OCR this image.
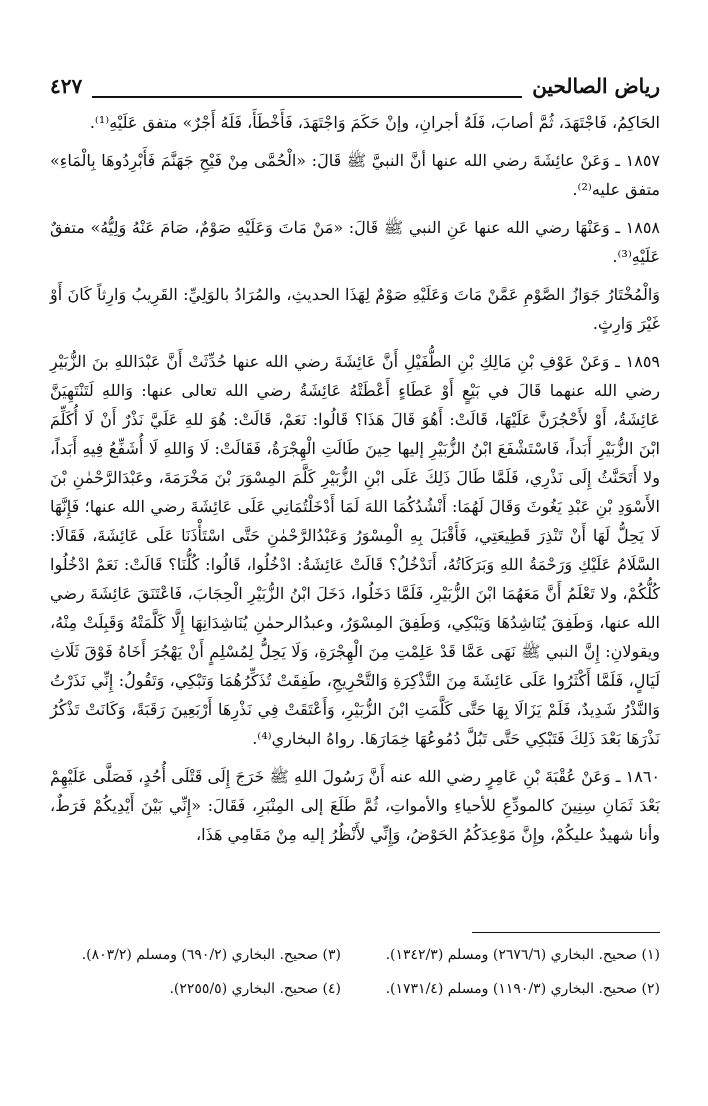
رياض الصالحين
٤٢٧

الحَاكِمُ، فَاجْتَهَدَ، ثُمَّ أصابَ، فَلَهُ أجرانِ، وإنْ حَكَمَ وَاجْتَهَدَ، فَأَخْطَأَ، فَلَهُ أَجْرٌ» متفق عَلَيْهِ⁽¹⁾.

١٨٥٧ ـ وَعَنْ عائِشَةَ رضي الله عنها أنَّ النبيَّ ﷺ قَالَ: «الْحُمَّى مِنْ فَيْحِ جَهَنَّمَ فَأَبْرِدُوهَا بِالْمَاءِ» متفق عليه⁽²⁾.

١٨٥٨ ـ وَعَنْهَا رضي الله عنها عَنِ النبي ﷺ قَالَ: «مَنْ مَاتَ وَعَلَيْهِ صَوْمٌ، صَامَ عَنْهُ وَلِيُّهُ» متفقٌ عَلَيْهِ⁽³⁾.

وَالْمُخْتَارُ جَوَازُ الصَّوْمِ عَمَّنْ مَاتَ وَعَلَيْهِ صَوْمٌ لِهَذَا الحديثِ، والمُرَادُ بالوَلِيِّ: القَرِيبُ وَارِثاً كَانَ أَوْ غَيْرَ وَارِثٍ.

١٨٥٩ ـ وَعَنْ عَوْفِ بْنِ مَالِكِ بْنِ الطُّفَيْلِ أَنَّ عَائِشَةَ رضي الله عنها حُدِّثَتْ أَنَّ عَبْدَاللهِ بنَ الزُّبَيْرِ رضي الله عنهما قَالَ في بَيْعٍ أَوْ عَطَاءٍ أَعْطَتْهُ عَائِشَةُ رضي الله تعالى عنها: وَاللهِ لَتَنْتَهِيَنَّ عَائِشَةُ، أَوْ لأَحْجُرَنَّ عَلَيْهَا، قَالَتْ: أَهُوَ قَالَ هَذَا؟ قَالُوا: نَعَمْ، قَالَتْ: هُوَ للهِ عَلَيَّ نَذْرٌ أَنْ لَا أُكَلِّمَ ابْنَ الزُّبَيْرِ أَبَداً، فَاسْتَشْفَعَ ابْنُ الزُّبَيْرِ إليها حِينَ طَالَتِ الْهِجْرَةُ، فَقَالَتْ: لَا وَاللهِ لَا أُشَفِّعُ فِيهِ أَبَداً، ولا أَتَحَنَّثُ إِلَى نَذْرِي، فَلَمَّا طَالَ ذَلِكَ عَلَى ابْنِ الزُّبَيْرِ كَلَّمَ المِسْوَرَ بْنَ مَخْرَمَةَ، وعَبْدَالرَّحْمٰنِ بْنَ الأَسْوَدِ بْنِ عَبْدِ يَغُوثَ وَقَالَ لَهُمَا: أَنْشُدُكُمَا اللهَ لَمَا أَدْخَلْتُمَانِي عَلَى عَائِشَةَ رضي الله عنها؛ فَإِنَّهَا لَا يَحِلُّ لَهَا أَنْ تَنْذِرَ قَطِيعَتِي، فَأَقْبَلَ بِهِ الْمِسْوَرُ وَعَبْدُالرَّحْمٰنِ حَتَّى اسْتَأْذَنَا عَلَى عَائِشَةَ، فَقَالَا: السَّلَامُ عَلَيْكِ وَرَحْمَةُ اللهِ وَبَرَكَاتُهُ، أَنَدْخُلُ؟ قَالَتْ عَائِشَةُ: ادْخُلُوا، قَالُوا: كُلُّنَا؟ قَالَتْ: نَعَمْ ادْخُلُوا كُلُّكُمْ، ولا تَعْلَمُ أَنَّ مَعَهُمَا ابْنَ الزُّبَيْرِ، فَلَمَّا دَخَلُوا، دَخَلَ ابْنُ الزُّبَيْرِ الْحِجَابَ، فَاعْتَنَقَ عَائِشَةَ رضي الله عنها، وَطَفِقَ يُنَاشِدُهَا وَيَبْكِي، وَطَفِقَ المِسْوَرُ، وعبدُالرحمٰنِ يُنَاشِدَانِهَا إِلَّا كَلَّمَتْهُ وَقَبِلَتْ مِنْهُ، ويقولانِ: إِنَّ النبي ﷺ نَهَى عَمَّا قَدْ عَلِمْتِ مِنَ الْهِجْرَةِ، وَلَا يَحِلُّ لِمُسْلِمٍ أَنْ يَهْجُرَ أَخَاهُ فَوْقَ ثَلَاثِ لَيَالٍ، فَلَمَّا أَكْثَرُوا عَلَى عَائِشَةَ مِنَ التَّذْكِرَةِ وَالتَّحْرِيجِ، طَفِقَتْ تُذَكِّرُهُمَا وَتَبْكِي، وَتَقُولُ: إِنِّي نَذَرْتُ وَالنَّذْرُ شَدِيدٌ، فَلَمْ يَزَالَا بِهَا حَتَّى كَلَّمَتِ ابْنَ الزُّبَيْرِ، وَأَعْتَقَتْ فِي نَذْرِهَا أَرْبَعِينَ رَقَبَةً، وَكَانَتْ تَذْكُرُ نَذْرَهَا بَعْدَ ذَلِكَ فَتَبْكِي حَتَّى تَبُلَّ دُمُوعُهَا خِمَارَهَا. رواهُ البخاري⁽⁴⁾.

١٨٦٠ ـ وَعَنْ عُقْبَةَ بْنِ عَامِرٍ رضي الله عنه أَنَّ رَسُولَ اللهِ ﷺ خَرَجَ إِلَى قَتْلَى أُحُدٍ، فَصَلَّى عَلَيْهِمْ بَعْدَ ثَمَانِ سِنِينَ كالمودِّعِ للأحياءِ والأمواتِ، ثُمَّ طَلَعَ إلى المِنْبَرِ، فَقَالَ: «إِنِّي بَيْنَ أَيْدِيكُمْ فَرَطٌ، وأنا شهيدٌ عليكُمْ، وإِنَّ مَوْعِدَكُمُ الحَوْضُ، وَإِنِّي لأَنْظُرُ إليه مِنْ مَقَامِي هَذَا،

(١) صحيح. البخاري (٢٦٧٦/٦) ومسلم (١٣٤٢/٣).
(٣) صحيح. البخاري (٦٩٠/٢) ومسلم (٨٠٣/٢).
(٢) صحيح. البخاري (١١٩٠/٣) ومسلم (١٧٣١/٤).
(٤) صحيح. البخاري (٢٢٥٥/٥).
